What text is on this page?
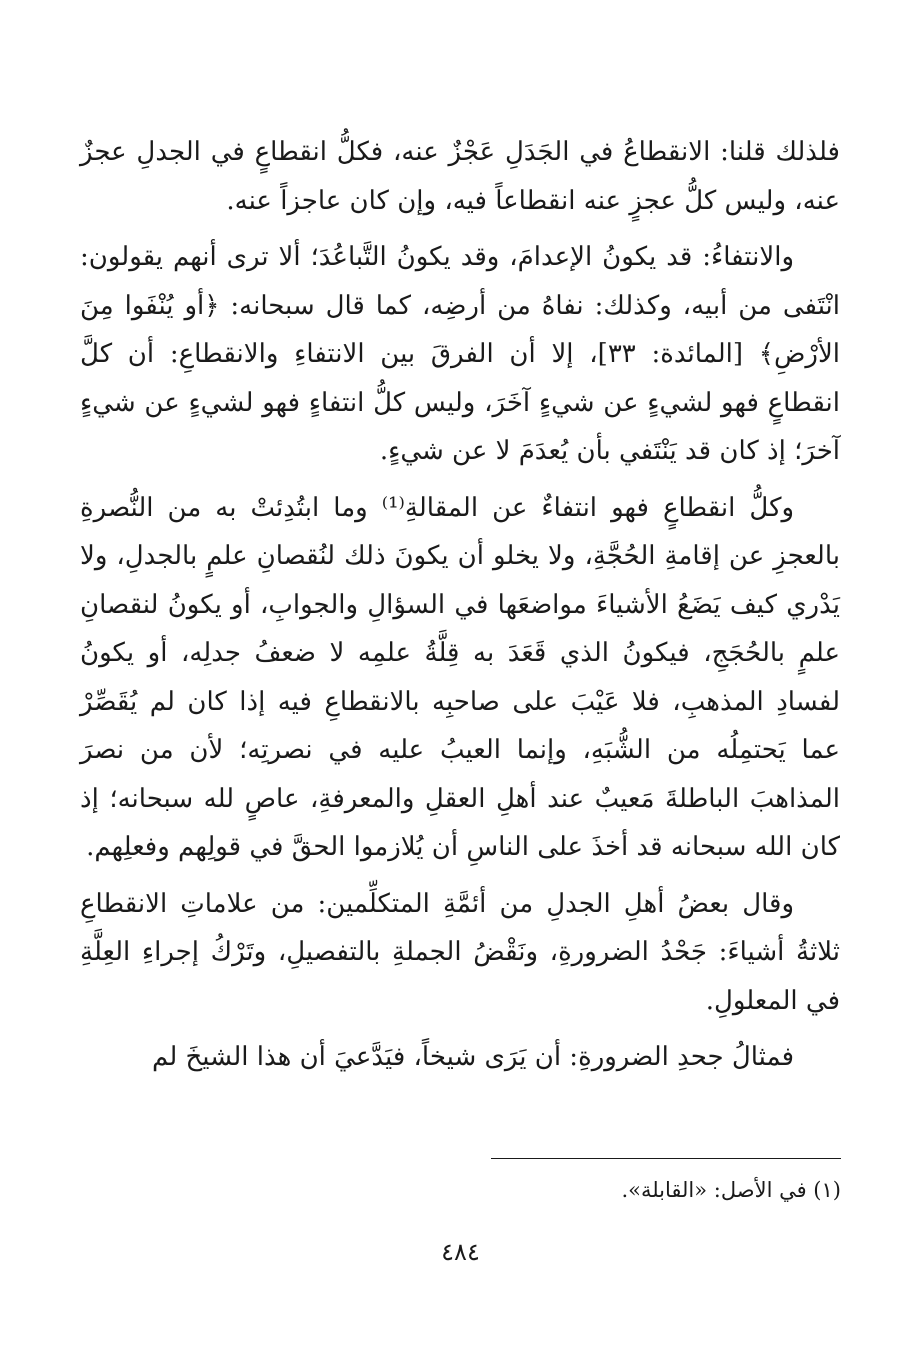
فلذلك قلنا: الانقطاعُ في الجَدَلِ عَجْزٌ عنه، فكلُّ انقطاعٍ في الجدلِ عجزٌ عنه، وليس كلُّ عجزٍ عنه انقطاعاً فيه، وإن كان عاجزاً عنه.

والانتفاءُ: قد يكونُ الإعدامَ، وقد يكونُ التَّباعُدَ؛ ألا ترى أنهم يقولون: انْتَفى من أبيه، وكذلك: نفاهُ من أرضِه، كما قال سبحانه: ﴿أو يُنْفَوا مِنَ الأرْضِ﴾ [المائدة: ٣٣]، إلا أن الفرقَ بين الانتفاءِ والانقطاعِ: أن كلَّ انقطاعٍ فهو لشيءٍ عن شيءٍ آخَرَ، وليس كلُّ انتفاءٍ فهو لشيءٍ عن شيءٍ آخرَ؛ إذ كان قد يَنْتَفي بأن يُعدَمَ لا عن شيءٍ.

وكلُّ انقطاعٍ فهو انتفاءٌ عن المقالةِ⁽¹⁾ وما ابتُدِئتْ به من النُّصرةِ بالعجزِ عن إقامةِ الحُجَّةِ، ولا يخلو أن يكونَ ذلك لنُقصانِ علمٍ بالجدلِ، ولا يَدْري كيف يَضَعُ الأشياءَ مواضعَها في السؤالِ والجوابِ، أو يكونُ لنقصانِ علمٍ بالحُجَجِ، فيكونُ الذي قَعَدَ به قِلَّةُ علمِه لا ضعفُ جدلِه، أو يكونُ لفسادِ المذهبِ، فلا عَيْبَ على صاحبِه بالانقطاعِ فيه إذا كان لم يُقَصِّرْ عما يَحتمِلُه من الشُّبَهِ، وإنما العيبُ عليه في نصرتِه؛ لأن من نصرَ المذاهبَ الباطلةَ مَعيبٌ عند أهلِ العقلِ والمعرفةِ، عاصٍ لله سبحانه؛ إذ كان الله سبحانه قد أخذَ على الناسِ أن يُلازموا الحقَّ في قولِهم وفعلِهم.

وقال بعضُ أهلِ الجدلِ من أئمَّةِ المتكلِّمين: من علاماتِ الانقطاعِ ثلاثةُ أشياءَ: جَحْدُ الضرورةِ، ونَقْضُ الجملةِ بالتفصيلِ، وتَرْكُ إجراءِ العِلَّةِ في المعلولِ.

فمثالُ جحدِ الضرورةِ: أن يَرَى شيخاً، فيَدَّعيَ أن هذا الشيخَ لم

(١) في الأصل: «القابلة».
٤٨٤
